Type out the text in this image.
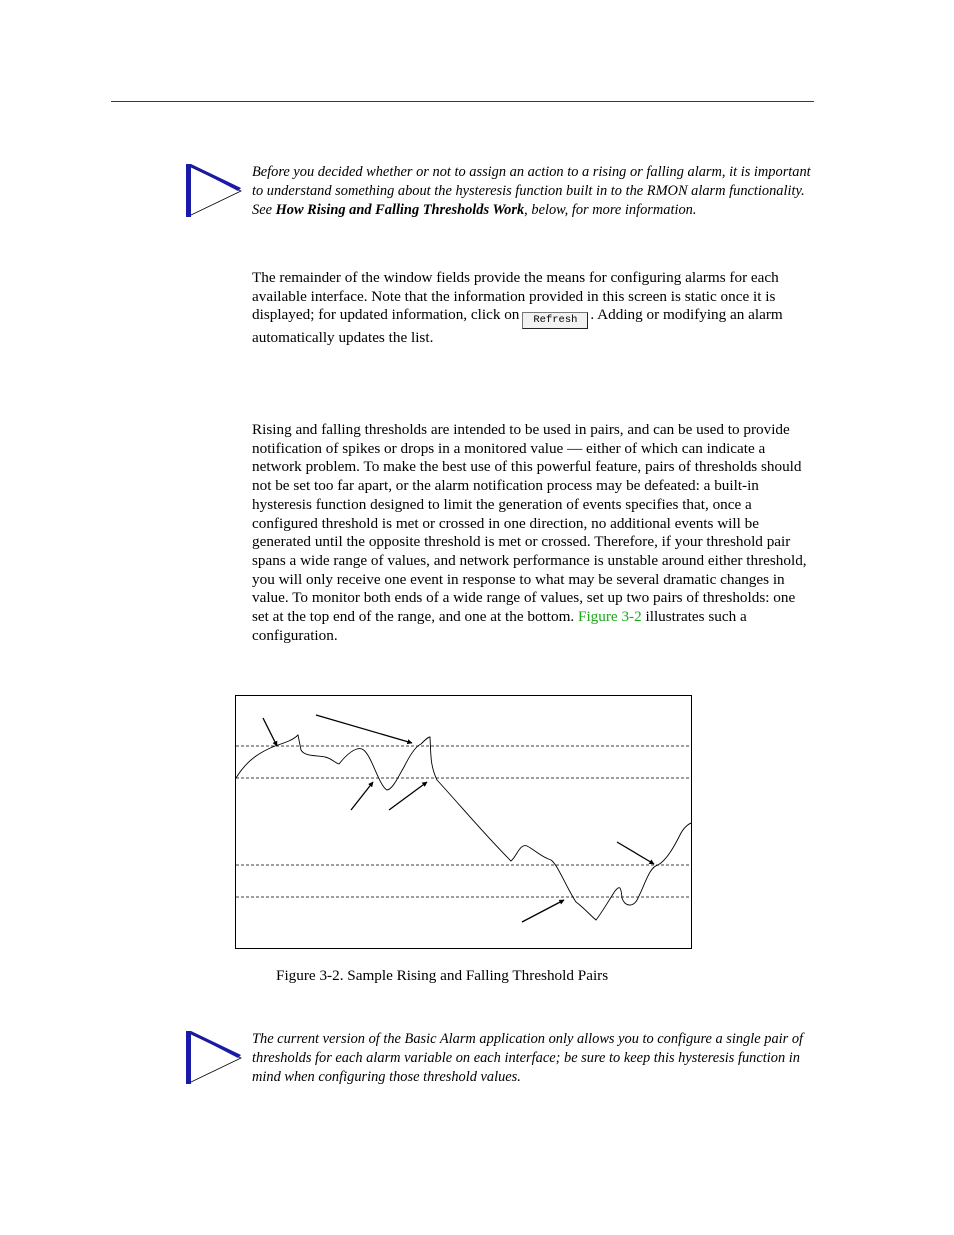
Before you decided whether or not to assign an action to a rising or falling alarm, it is important to understand something about the hysteresis function built in to the RMON alarm functionality. See How Rising and Falling Thresholds Work, below, for more information.
The remainder of the window fields provide the means for configuring alarms for each available interface. Note that the information provided in this screen is static once it is displayed; for updated information, click on Refresh . Adding or modifying an alarm automatically updates the list.
Rising and falling thresholds are intended to be used in pairs, and can be used to provide notification of spikes or drops in a monitored value — either of which can indicate a network problem. To make the best use of this powerful feature, pairs of thresholds should not be set too far apart, or the alarm notification process may be defeated: a built-in hysteresis function designed to limit the generation of events specifies that, once a configured threshold is met or crossed in one direction, no additional events will be generated until the opposite threshold is met or crossed. Therefore, if your threshold pair spans a wide range of values, and network performance is unstable around either threshold, you will only receive one event in response to what may be several dramatic changes in value. To monitor both ends of a wide range of values, set up two pairs of thresholds: one set at the top end of the range, and one at the bottom. Figure 3-2 illustrates such a configuration.
Figure 3-2. Sample Rising and Falling Threshold Pairs
The current version of the Basic Alarm application only allows you to configure a single pair of thresholds for each alarm variable on each interface; be sure to keep this hysteresis function in mind when configuring those threshold values.
